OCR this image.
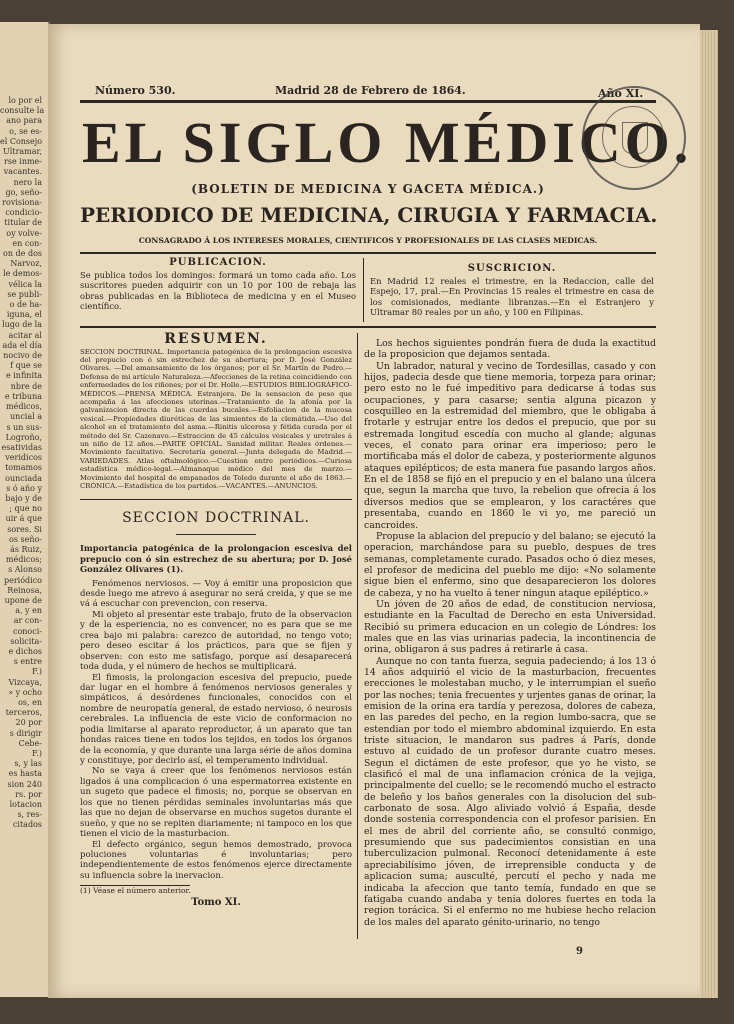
lo por el
consulte la
ano para
o, se es-
el Consejo
Ultramar,
rse inme-
vacantes.
nero la
go, seño-
rovisiona-
condicio-
titular de
oy volve-
en con-
on de dos
Narvoz,
le demos-
vélica la
se publi-
o de ha-
iguna, el
lugo de la
acitar al
ada el día
nocivo de
f que se
e infinita
nbre de
e tribuna
médicos,
uncial a
s un sus-
Logroño,
esatividas
veridicos
tomamos
ounciada
s ó año y
bajo y de
; que no
uir á que
sores. Si
os seño-
ás Ruiz,
médicos;
s Alonso
periódico
Reinosa,
upone de
a, y en
ar con-
conoci-
solicita-
e dichos
s entre
F.)
Vizcaya,
» y ocho
os, en
terceros,
20 por
s dirigir
Cebe-
F.)
s, y las
es hasta
sion 240
rs. por
lotacion
s, res-
citados
Número 530.	Madrid 28 de Febrero de 1864.	Año XI.
EL SIGLO MÉDICO.
(BOLETIN DE MEDICINA Y GACETA MÉDICA.)
PERIODICO DE MEDICINA, CIRUGIA Y FARMACIA.
CONSAGRADO Á LOS INTERESES MORALES, CIENTIFICOS Y PROFESIONALES DE LAS CLASES MEDICAS.
PUBLICACION.
Se publica todos los domingos: formará un tomo cada año. Los suscritores pueden adquirir con un 10 por 100 de rebaja las obras publicadas en la Biblioteca de medicina y en el Museo científico.
SUSCRICION.
En Madrid 12 reales el trimestre, en la Redaccion, calle del Espejo, 17, pral.—En Provincias 15 reales el trimestre en casa de los comisionados, mediante libranzas.—En el Estranjero y Ultramar 80 reales por un año, y 100 en Filipinas.
RESUMEN.
SECCION DOCTRINAL. Importancia patogénica de la prolongacion escesiva del prepucio con ó sin estrechez de su abertura; por D. José González Olivares. —Del amansamiento de los órganos; por el Sr. Martín de Pedro.—Defensa de mi artículo Naturaleza.—Afecciones de la retina coincidiendo con enfermedades de los riñones; por el Dr. Holle.—ESTUDIOS BIBLIOGRÁFICO-MÉDICOS.—PRENSA MÉDICA. Estranjera. De la sensacion de peso que acompaña á las afecciones uterinas.—Tratamiento de la afonía por la galvanizacion directa de las cuerdas bucales.—Esfoliacion de la mucosa vesical.—Propiedades diuréticas de las simientes de la clemátida.—Uso del alcohol en el tratamiento del asma.—Rinitis ulcerosa y fétida curada por el método del Sr. Cazenavo.—Estraccion de 45 cálculos vesicales y uretrales á un niño de 12 años.—PARTE OFICIAL. Sanidad militar. Reales órdenes.—Movimiento facultativo. Secretaría general.—Junta delegada de Madrid.—VARIEDADES. Atlas oftalmológico.—Cuestion entre periódicos.—Curiosa estadística médico-legal.—Almanaque médico del mes de marzo.—Movimiento del hospital de empanados de Toledo durante el año de 1863.—CRÓNICA.—Estadística de los partidos.—VACANTES.—ANUNCIOS.
SECCION DOCTRINAL.
Importancia patogénica de la prolongacion escesiva del prepucio con ó sin estrechez de su abertura; por D. José González Olivares (1).
Fenómenos nerviosos. — Voy á emitir una proposicion que desde luego me atrevo á asegurar no será creida, y que se me vá á escuchar con prevencion, con reserva.
Mi objeto al presentar este trabajo, fruto de la observacion y de la esperiencia, no es convencer, no es para que se me crea bajo mi palabra: carezco de autoridad, no tengo voto; pero deseo escitar á los prácticos, para que se fijen y observen: con esto me satisfago, porque así desaparecerá toda duda, y el número de hechos se multiplicará.
El fimosis, la prolongacion escesiva del prepucio, puede dar lugar en el hombre á fenómenos nerviosos generales y simpáticos, á desórdenes funcionales, conocidos con el nombre de neuropatía general, de estado nervioso, ó neurosis cerebrales. La influencia de este vicio de conformacion no podia limitarse al aparato reproductor, á un aparato que tan hondas raices tiene en todos los tejidos, en todos los órganos de la economía, y que durante una larga série de años domina y constituye, por decirlo así, el temperamento individual.
No se vaya á creer que los fenómenos nerviosos están ligados á una complicacion ó una espermatorrea existente en un sugeto que padece el fimosis; no, porque se observan en los que no tienen pérdidas seminales involuntarias más que las que no dejan de observarse en muchos sugetos durante el sueño, y que no se repiten diariamente; ni tampoco en los que tienen el vicio de la masturbacion.
El defecto orgánico, segun hemos demostrado, provoca poluciones voluntarias é involuntarias; pero independientemente de estos fenómenos ejerce directamente su influencia sobre la inervacion.
(1) Véase el número anterior.
Tomo XI.
Los hechos siguientes pondrán fuera de duda la exactitud de la proposicion que dejamos sentada.
Un labrador, natural y vecino de Tordesillas, casado y con hijos, padecia desde que tiene memoria, torpeza para orinar; pero esto no le fué impeditivo para dedicarse á todas sus ocupaciones, y para casarse; sentia alguna picazon y cosquilleo en la estremidad del miembro, que le obligaba á frotarle y estrujar entre los dedos el prepucio, que por su estremada longitud escedía con mucho al glande; algunas veces, el conato para orinar era imperioso; pero le mortificaba más el dolor de cabeza, y posteriormente algunos ataques epilépticos; de esta manera fue pasando largos años. En el de 1858 se fijó en el prepucio y en el balano una úlcera que, segun la marcha que tuvo, la rebelion que ofrecia á los diversos medios que se emplearon, y los caractéres que presentaba, cuando en 1860 le vi yo, me pareció un cancroides.
Propuse la ablacion del prepucio y del balano; se ejecutó la operacion, marchándose para su pueblo, despues de tres semanas, completamente curado. Pasados ocho ó diez meses, el profesor de medicina del pueblo me dijo: «No solamente sigue bien el enfermo, sino que desaparecieron los dolores de cabeza, y no ha vuelto á tener ningun ataque epiléptico.»
Un jóven de 20 años de edad, de constitucion nerviosa, estudiante en la Facultad de Derecho en esta Universidad. Recibió su primera educacion en un colegio de Lóndres: los males que en las vias urinarias padecia, la incontinencia de orina, obligaron á sus padres á retirarle á casa.
Aunque no con tanta fuerza, seguia padeciendo; á los 13 ó 14 años adquirió el vicio de la masturbacion, frecuentes erecciones le molestaban mucho, y le interrumpian el sueño por las noches; tenia frecuentes y urjentes ganas de orinar, la emision de la orina era tardía y perezosa, dolores de cabeza, en las paredes del pecho, en la region lumbo-sacra, que se estendian por todo el miembro abdominal izquierdo. En esta triste situacion, le mandaron sus padres á París, donde estuvo al cuidado de un profesor durante cuatro meses. Segun el dictámen de este profesor, que yo he visto, se clasificó el mal de una inflamacion crónica de la vejiga, principalmente del cuello; se le recomendó mucho el estracto de beleño y los baños generales con la disolucion del sub-carbonato de sosa. Algo aliviado volvió á España, desde donde sostenia correspondencia con el profesor parisien. En el mes de abril del corriente año, se consultó conmigo, presumiendo que sus padecimientos consistian en una tuberculizacion pulmonal. Reconocí detenidamente á este apreciabilísimo jóven, de irreprensible conducta y de aplicacion suma; ausculté, percutí el pecho y nada me indicaba la afeccion que tanto temía, fundado en que se fatigaba cuando andaba y tenia dolores fuertes en toda la region torácica. Si el enfermo no me hubiese hecho relacion de los males del aparato génito-urinario, no tengo
9
